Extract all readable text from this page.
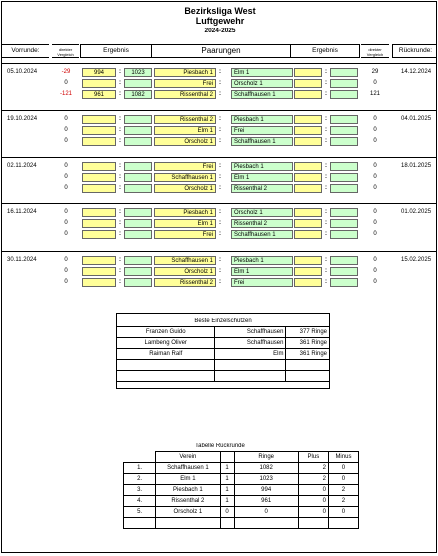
Bezirksliga West
Luftgewehr
2024-2025
Vorrunde:	direkter
Vergleich
Ergebnis	Paarungen	Ergebnis	direkter
Vergleich
Rückrunde:
05.10.2024	14.12.2024
-29	994	:	1023	Piesbach 1	:	Elm 1	:	29
0	:	Frei	:	Orscholz 1	:	0
-121	961	:	1082	Rissenthal 2	:	Schaffhausen 1	:	121
19.10.2024	04.01.2025
0	:	Rissenthal 2	:	Piesbach 1	:	0
0	:	Elm 1	:	Frei	:	0
0	:	Orscholz 1	:	Schaffhausen 1	:	0
02.11.2024	18.01.2025
0	:	Frei	:	Piesbach 1	:	0
0	:	Schaffhausen 1	:	Elm 1	:	0
0	:	Orscholz 1	:	Rissenthal 2	:	0
16.11.2024	01.02.2025
0	:	Piesbach 1	:	Orscholz 1	:	0
0	:	Elm 1	:	Rissenthal 2	:	0
0	:	Frei	:	Schaffhausen 1	:	0
30.11.2024	15.02.2025
0	:	Schaffhausen 1	:	Piesbach 1	:	0
0	:	Orscholz 1	:	Elm 1	:	0
0	:	Rissenthal 2	:	Frei	:	0
Beste Einzelschützen
Franzen Guido	Schaffhausen	377 Ringe
Lambeng Oliver	Schaffhausen	361 Ringe
Raiman Ralf	Elm	361 Ringe

Tabelle Rückrunde
	Verein		Ringe	Plus	Minus
1.	Schaffhausen 1	1	1082	2	0
2.	Elm 1	1	1023	2	0
3.	Piesbach 1	1	994	0	2
4.	Rissenthal 2	1	961	0	2
5.	Orscholz 1	0	0	0	0
